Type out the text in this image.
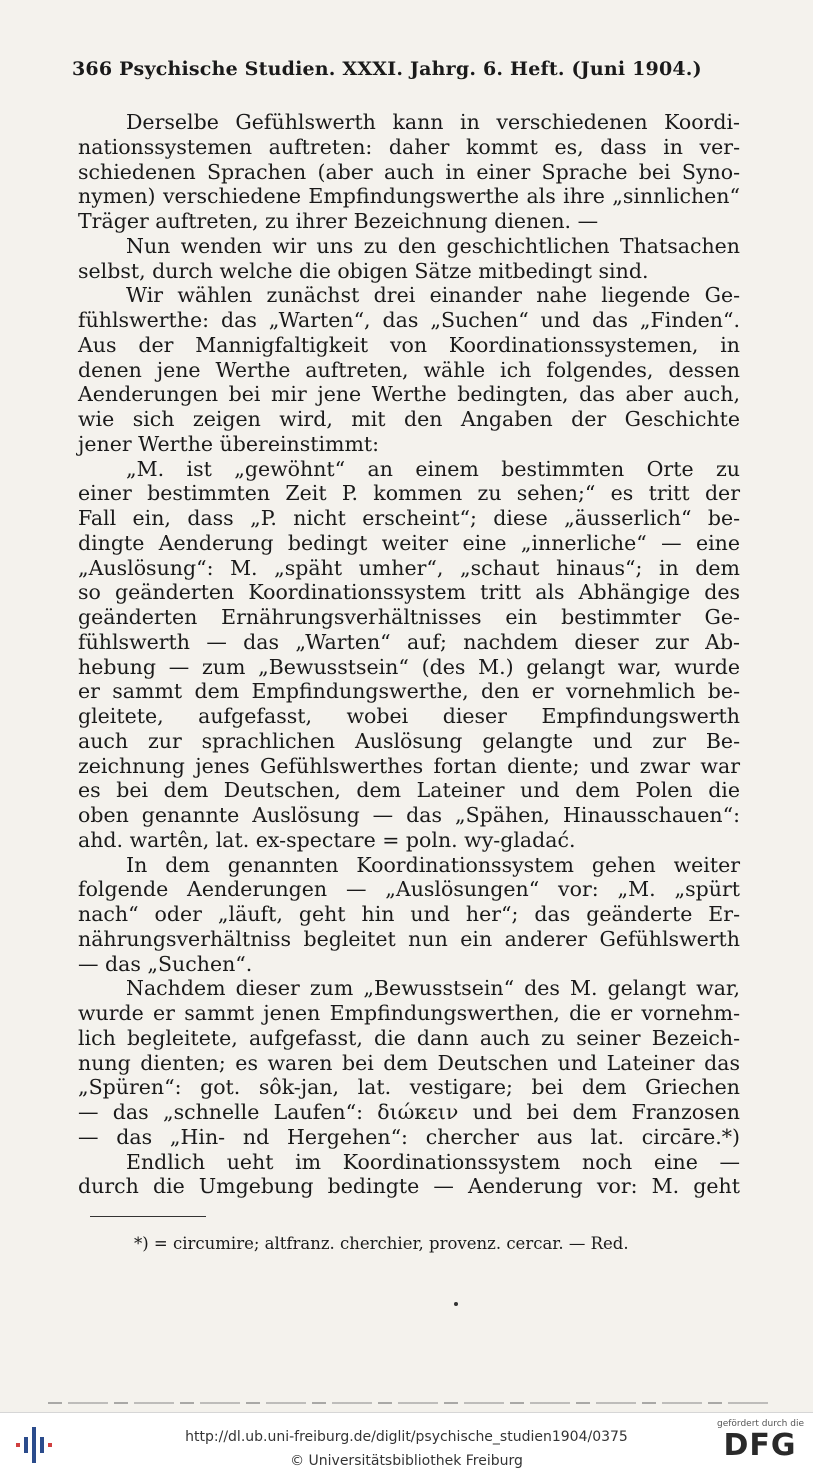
366 Psychische Studien. XXXI. Jahrg. 6. Heft. (Juni 1904.)

Derselbe Gefühlswerth kann in verschiedenen Koordi-

nationssystemen auftreten: daher kommt es, dass in ver-

schiedenen Sprachen (aber auch in einer Sprache bei Syno-

nymen) verschiedene Empfindungswerthe als ihre „sinnlichen“

Träger auftreten, zu ihrer Bezeichnung dienen. —

Nun wenden wir uns zu den geschichtlichen Thatsachen

selbst, durch welche die obigen Sätze mitbedingt sind.

Wir wählen zunächst drei einander nahe liegende Ge-

fühlswerthe: das „Warten“, das „Suchen“ und das „Finden“.

Aus der Mannigfaltigkeit von Koordinationssystemen, in

denen jene Werthe auftreten, wähle ich folgendes, dessen

Aenderungen bei mir jene Werthe bedingten, das aber auch,

wie sich zeigen wird, mit den Angaben der Geschichte

jener Werthe übereinstimmt:

„M. ist „gewöhnt“ an einem bestimmten Orte zu

einer bestimmten Zeit P. kommen zu sehen;“ es tritt der

Fall ein, dass „P. nicht erscheint“; diese „äusserlich“ be-

dingte Aenderung bedingt weiter eine „innerliche“ — eine

„Auslösung“: M. „späht umher“, „schaut hinaus“; in dem

so geänderten Koordinationssystem tritt als Abhängige des

geänderten Ernährungsverhältnisses ein bestimmter Ge-

fühlswerth — das „Warten“ auf; nachdem dieser zur Ab-

hebung — zum „Bewusstsein“ (des M.) gelangt war, wurde

er sammt dem Empfindungswerthe, den er vornehmlich be-

gleitete, aufgefasst, wobei dieser Empfindungswerth

auch zur sprachlichen Auslösung gelangte und zur Be-

zeichnung jenes Gefühlswerthes fortan diente; und zwar war

es bei dem Deutschen, dem Lateiner und dem Polen die

oben genannte Auslösung — das „Spähen, Hinausschauen“:

ahd. wartên, lat. ex-spectare = poln. wy-gladać.

In dem genannten Koordinationssystem gehen weiter

folgende Aenderungen — „Auslösungen“ vor: „M. „spürt

nach“ oder „läuft, geht hin und her“; das geänderte Er-

nährungsverhältniss begleitet nun ein anderer Gefühlswerth

— das „Suchen“.

Nachdem dieser zum „Bewusstsein“ des M. gelangt war,

wurde er sammt jenen Empfindungswerthen, die er vornehm-

lich begleitete, aufgefasst, die dann auch zu seiner Bezeich-

nung dienten; es waren bei dem Deutschen und Lateiner das

„Spüren“: got. sôk-jan, lat. vestigare; bei dem Griechen

— das „schnelle Laufen“: διώκειν und bei dem Franzosen

— das „Hin- nd Hergehen“: chercher aus lat. circāre.*)

Endlich ueht im Koordinationssystem noch eine —

durch die Umgebung bedingte — Aenderung vor: M. geht

*) = circumire; altfranz. cherchier, provenz. cercar. — Red.
http://dl.ub.uni-freiburg.de/diglit/psychische_studien1904/0375
© Universitätsbibliothek Freiburg
gefördert durch die
DFG
